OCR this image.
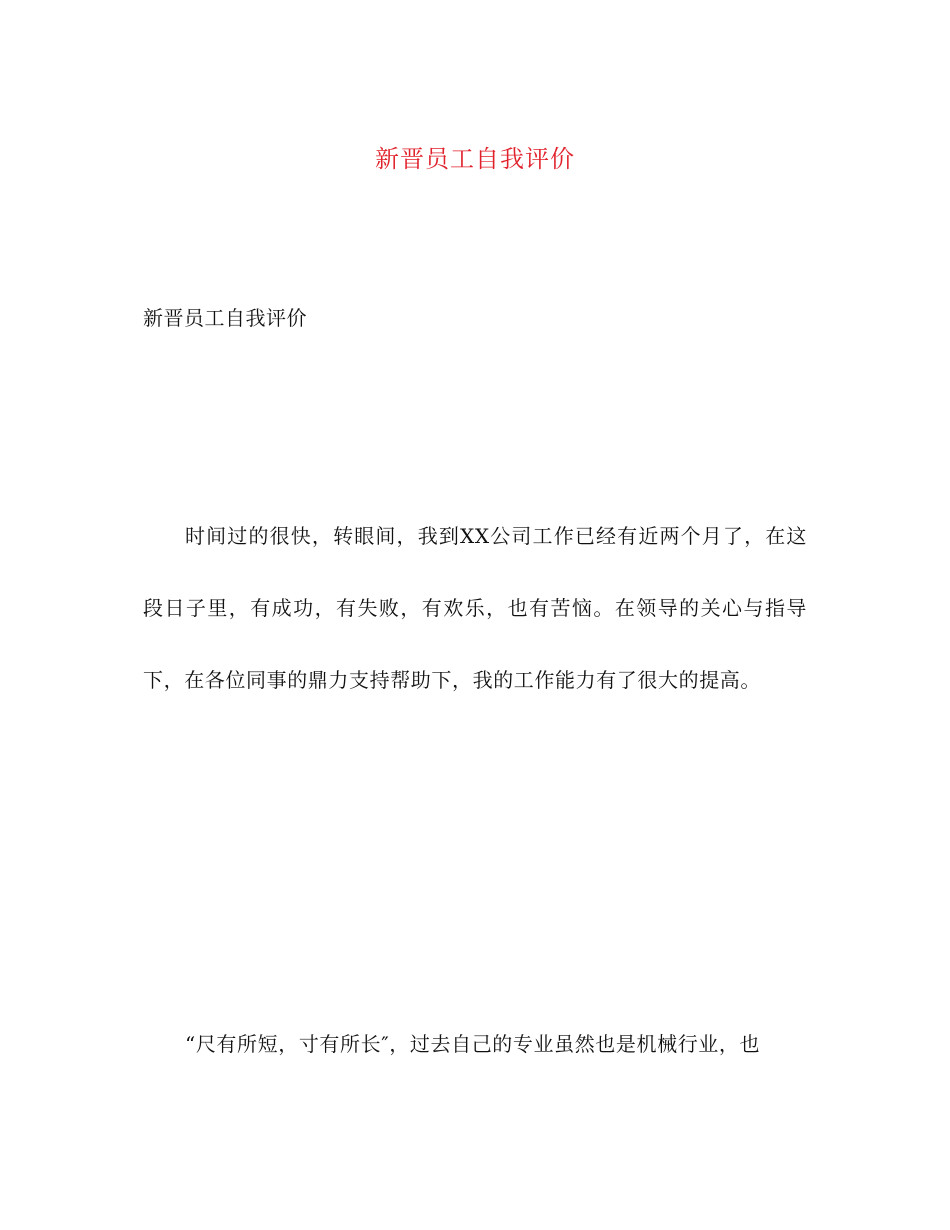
新晋员工自我评价
新晋员工自我评价
时间过的很快，转眼间，我到XX公司工作已经有近两个月了，在这段日子里，有成功，有失败，有欢乐，也有苦恼。在领导的关心与指导下，在各位同事的鼎力支持帮助下，我的工作能力有了很大的提高。
“尺有所短，寸有所长″，过去自己的专业虽然也是机械行业，也
